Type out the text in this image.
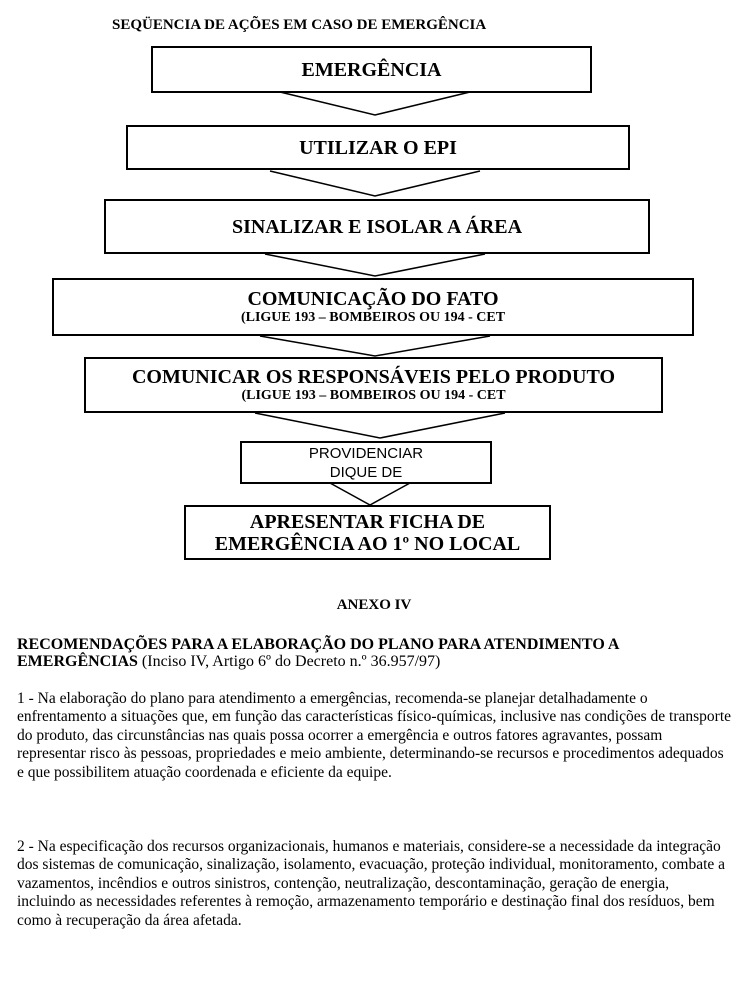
SEQÜENCIA DE AÇÕES EM CASO DE EMERGÊNCIA
EMERGÊNCIA
UTILIZAR O EPI
SINALIZAR E ISOLAR A ÁREA
COMUNICAÇÃO DO FATO
(LIGUE 193 – BOMBEIROS OU 194 - CET
COMUNICAR OS RESPONSÁVEIS PELO PRODUTO
(LIGUE 193 – BOMBEIROS OU 194 - CET
PROVIDENCIAR
DIQUE DE
APRESENTAR FICHA DE
EMERGÊNCIA AO 1º NO LOCAL
ANEXO IV
RECOMENDAÇÕES PARA A ELABORAÇÃO DO PLANO PARA ATENDIMENTO A
EMERGÊNCIAS (Inciso IV, Artigo 6º do Decreto n.º 36.957/97)
1 - Na elaboração do plano para atendimento a emergências, recomenda-se planejar detalhadamente o enfrentamento a situações que, em função das características físico-químicas, inclusive nas condições de transporte do produto, das circunstâncias nas quais possa ocorrer a emergência e outros fatores agravantes, possam representar risco às pessoas, propriedades e meio ambiente, determinando-se recursos e procedimentos adequados e que possibilitem atuação coordenada e eficiente da equipe.
2 - Na especificação dos recursos organizacionais, humanos e materiais, considere-se a necessidade da integração dos sistemas de comunicação, sinalização, isolamento, evacuação, proteção individual, monitoramento, combate a vazamentos, incêndios e outros sinistros, contenção, neutralização, descontaminação, geração de energia, incluindo as necessidades referentes à remoção, armazenamento temporário e destinação final dos resíduos, bem como à recuperação da área afetada.
